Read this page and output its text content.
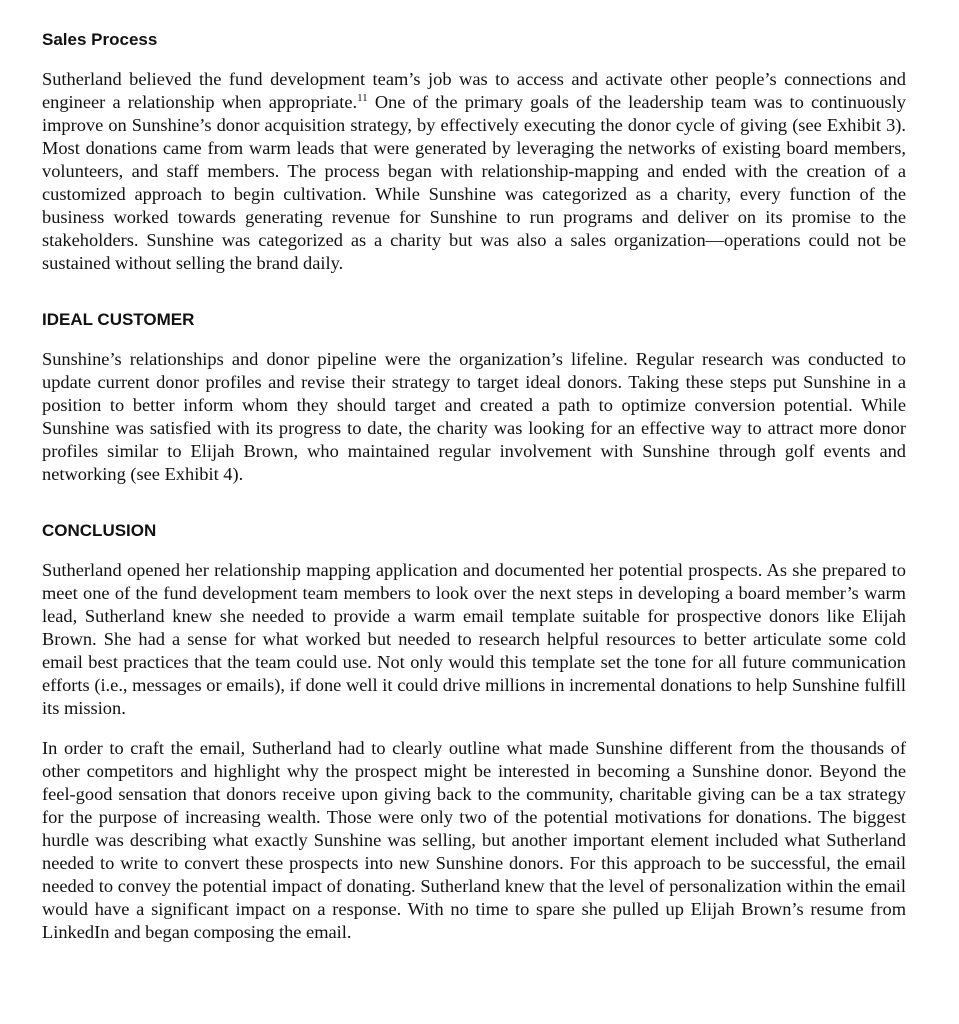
Sales Process

Sutherland believed the fund development team’s job was to access and activate other people’s connections and engineer a relationship when appropriate.$^{11}$ One of the primary goals of the leadership team was to continuously improve on Sunshine’s donor acquisition strategy, by effectively executing the donor cycle of giving (see Exhibit 3). Most donations came from warm leads that were generated by leveraging the networks of existing board members, volunteers, and staff members. The process began with relationship-mapping and ended with the creation of a customized approach to begin cultivation. While Sunshine was categorized as a charity, every function of the business worked towards generating revenue for Sunshine to run programs and deliver on its promise to the stakeholders. Sunshine was categorized as a charity but was also a sales organization—operations could not be sustained without selling the brand daily.

IDEAL CUSTOMER

Sunshine’s relationships and donor pipeline were the organization’s lifeline. Regular research was conducted to update current donor profiles and revise their strategy to target ideal donors. Taking these steps put Sunshine in a position to better inform whom they should target and created a path to optimize conversion potential. While Sunshine was satisfied with its progress to date, the charity was looking for an effective way to attract more donor profiles similar to Elijah Brown, who maintained regular involvement with Sunshine through golf events and networking (see Exhibit 4).

CONCLUSION

Sutherland opened her relationship mapping application and documented her potential prospects. As she prepared to meet one of the fund development team members to look over the next steps in developing a board member’s warm lead, Sutherland knew she needed to provide a warm email template suitable for prospective donors like Elijah Brown. She had a sense for what worked but needed to research helpful resources to better articulate some cold email best practices that the team could use. Not only would this template set the tone for all future communication efforts (i.e., messages or emails), if done well it could drive millions in incremental donations to help Sunshine fulfill its mission.

In order to craft the email, Sutherland had to clearly outline what made Sunshine different from the thousands of other competitors and highlight why the prospect might be interested in becoming a Sunshine donor. Beyond the feel-good sensation that donors receive upon giving back to the community, charitable giving can be a tax strategy for the purpose of increasing wealth. Those were only two of the potential motivations for donations. The biggest hurdle was describing what exactly Sunshine was selling, but another important element included what Sutherland needed to write to convert these prospects into new Sunshine donors. For this approach to be successful, the email needed to convey the potential impact of donating. Sutherland knew that the level of personalization within the email would have a significant impact on a response. With no time to spare she pulled up Elijah Brown’s resume from LinkedIn and began composing the email.
